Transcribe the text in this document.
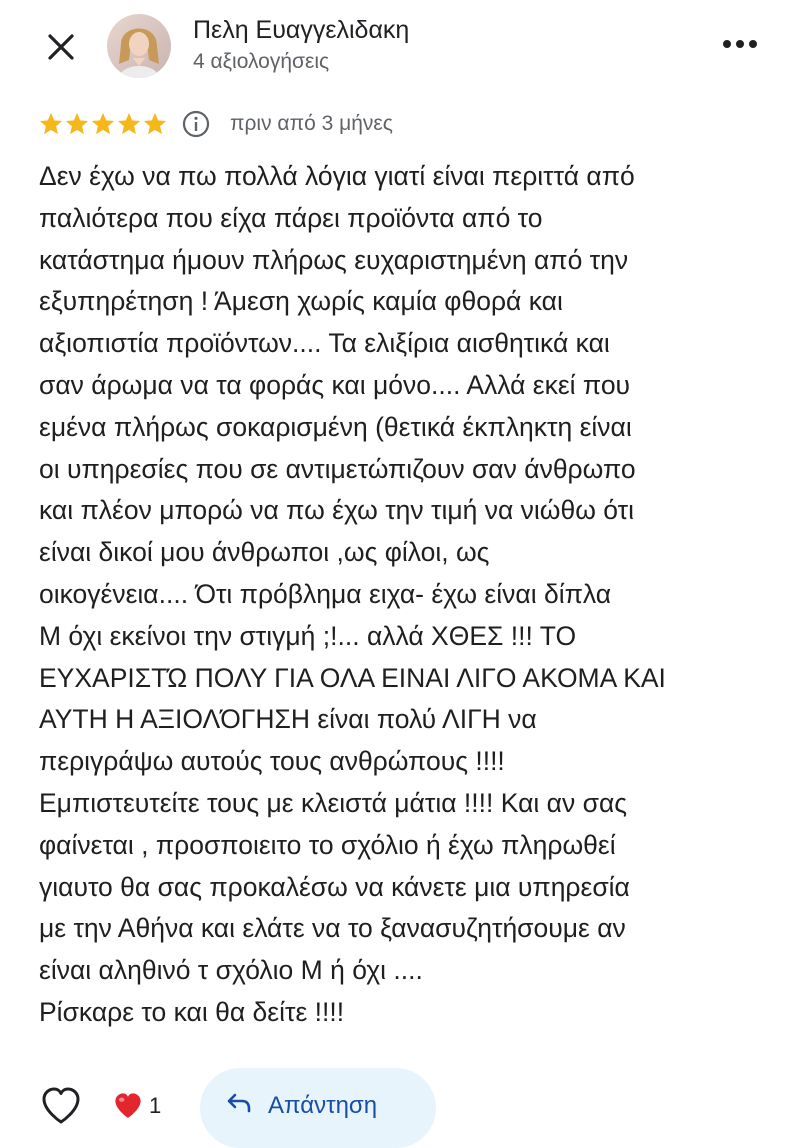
Πελη Ευαγγελιδακη
4 αξιολογήσεις
πριν από 3 μήνες
Δεν έχω να πω πολλά λόγια γιατί είναι περιττά από
παλιότερα που είχα πάρει προϊόντα από το
κατάστημα ήμουν πλήρως ευχαριστημένη από την
εξυπηρέτηση ! Άμεση χωρίς καμία φθορά και
αξιοπιστία προϊόντων.... Τα ελιξίρια αισθητικά και
σαν άρωμα να τα φοράς και μόνο.... Αλλά εκεί που
εμένα πλήρως σοκαρισμένη (θετικά έκπληκτη είναι
οι υπηρεσίες που σε αντιμετώπιζουν σαν άνθρωπο
και πλέον μπορώ να πω έχω την τιμή να νιώθω ότι
είναι δικοί μου άνθρωποι ,ως φίλοι, ως
οικογένεια.... Ότι πρόβλημα ειχα- έχω είναι δίπλα
Μ όχι εκείνοι την στιγμή ;!... αλλά ΧΘΕΣ !!! ΤΟ
ΕΥΧΑΡΙΣΤΏ ΠΟΛΥ ΓΙΑ ΟΛΑ ΕΙΝΑΙ ΛΙΓΟ ΑΚΟΜΑ ΚΑΙ
ΑΥΤΗ Η ΑΞΙΟΛΌΓΗΣΗ είναι πολύ ΛΙΓΗ να
περιγράψω αυτούς τους ανθρώπους !!!!
Εμπιστευτείτε τους με κλειστά μάτια !!!! Και αν σας
φαίνεται , προσποιειτο το σχόλιο ή έχω πληρωθεί
γιαυτο θα σας προκαλέσω να κάνετε μια υπηρεσία
με την Αθήνα και ελάτε να το ξανασυζητήσουμε αν
είναι αληθινό τ σχόλιο Μ ή όχι ....
Ρίσκαρε το και θα δείτε !!!!
1	Απάντηση
